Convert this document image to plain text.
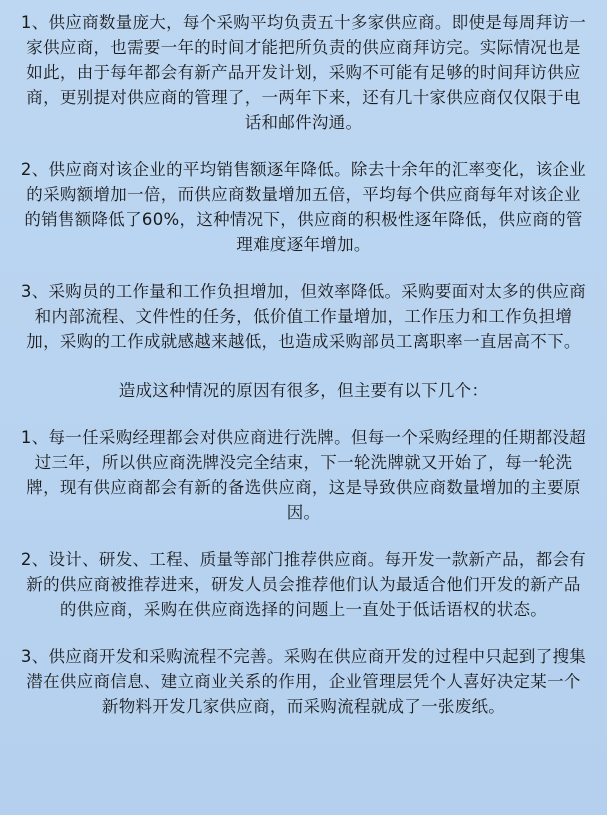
1、供应商数量庞大，每个采购平均负责五十多家供应商。即使是每周拜访一家供应商，也需要一年的时间才能把所负责的供应商拜访完。实际情况也是如此，由于每年都会有新产品开发计划，采购不可能有足够的时间拜访供应商，更别提对供应商的管理了，一两年下来，还有几十家供应商仅仅限于电话和邮件沟通。

2、供应商对该企业的平均销售额逐年降低。除去十余年的汇率变化，该企业的采购额增加一倍，而供应商数量增加五倍，平均每个供应商每年对该企业的销售额降低了60%，这种情况下，供应商的积极性逐年降低，供应商的管理难度逐年增加。

3、采购员的工作量和工作负担增加，但效率降低。采购要面对太多的供应商和内部流程、文件性的任务，低价值工作量增加，工作压力和工作负担增加，采购的工作成就感越来越低，也造成采购部员工离职率一直居高不下。

造成这种情况的原因有很多，但主要有以下几个：

1、每一任采购经理都会对供应商进行洗牌。但每一个采购经理的任期都没超过三年，所以供应商洗牌没完全结束，下一轮洗牌就又开始了，每一轮洗牌，现有供应商都会有新的备选供应商，这是导致供应商数量增加的主要原因。

2、设计、研发、工程、质量等部门推荐供应商。每开发一款新产品，都会有新的供应商被推荐进来，研发人员会推荐他们认为最适合他们开发的新产品的供应商，采购在供应商选择的问题上一直处于低话语权的状态。

3、供应商开发和采购流程不完善。采购在供应商开发的过程中只起到了搜集潜在供应商信息、建立商业关系的作用，企业管理层凭个人喜好决定某一个新物料开发几家供应商，而采购流程就成了一张废纸。
